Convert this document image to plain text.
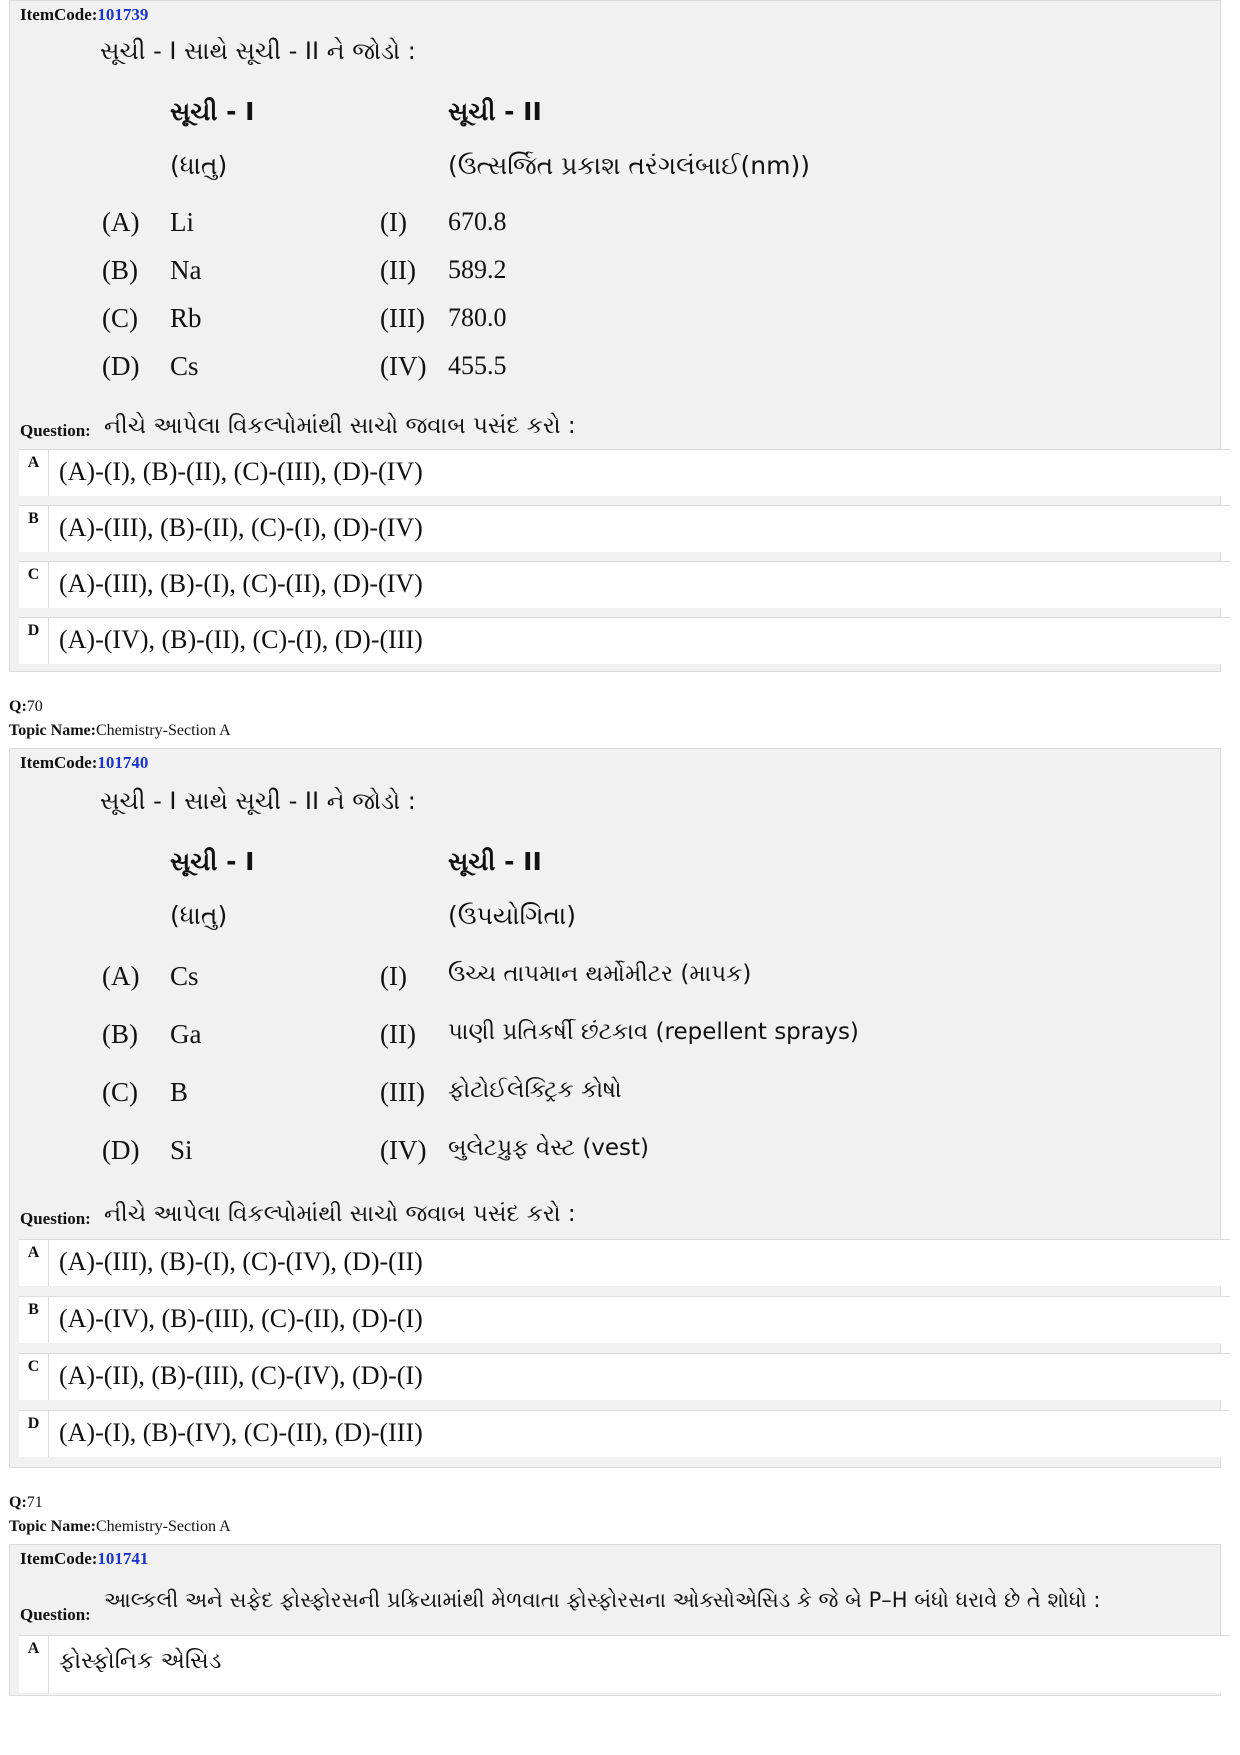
ItemCode:101739
સૂચી - I સાથે સૂચી - II ને જોડો :
સૂચી - I	સૂચી - II
(ધાતુ)	(ઉત્સર્જિત પ્રકાશ તરંગલંબાઈ(nm))
(A) Li	(I) 670.8
(B) Na	(II) 589.2
(C) Rb	(III) 780.0
(D) Cs	(IV) 455.5
Question: નીચે આપેલા વિકલ્પોમાંથી સાચો જવાબ પસંદ કરો :
A (A)-(I), (B)-(II), (C)-(III), (D)-(IV)
B (A)-(III), (B)-(II), (C)-(I), (D)-(IV)
C (A)-(III), (B)-(I), (C)-(II), (D)-(IV)
D (A)-(IV), (B)-(II), (C)-(I), (D)-(III)
Q:70
Topic Name:Chemistry-Section A
ItemCode:101740
સૂચી - I સાથે સૂચી - II ને જોડો :
સૂચી - I	સૂચી - II
(ધાતુ)	(ઉપયોગિતા)
(A) Cs	(I) ઉચ્ચ તાપમાન થર્મોમીટર (માપક)
(B) Ga	(II) પાણી પ્રતિકર્ષી છંટકાવ (repellent sprays)
(C) B	(III) ફોટોઈલેક્ટ્રિક કોષો
(D) Si	(IV) બુલેટપ્રુફ વેસ્ટ (vest)
Question: નીચે આપેલા વિકલ્પોમાંથી સાચો જવાબ પસંદ કરો :
A (A)-(III), (B)-(I), (C)-(IV), (D)-(II)
B (A)-(IV), (B)-(III), (C)-(II), (D)-(I)
C (A)-(II), (B)-(III), (C)-(IV), (D)-(I)
D (A)-(I), (B)-(IV), (C)-(II), (D)-(III)
Q:71
Topic Name:Chemistry-Section A
ItemCode:101741
Question:
આલ્કલી અને સફેદ ફોસ્ફોરસની પ્રક્રિયામાંથી મેળવાતા ફોસ્ફોરસના ઓક્સોએસિડ કે જે બે P–H બંધો ધરાવે છે તે શોધો :
A ફોસ્ફોનિક એસિડ
